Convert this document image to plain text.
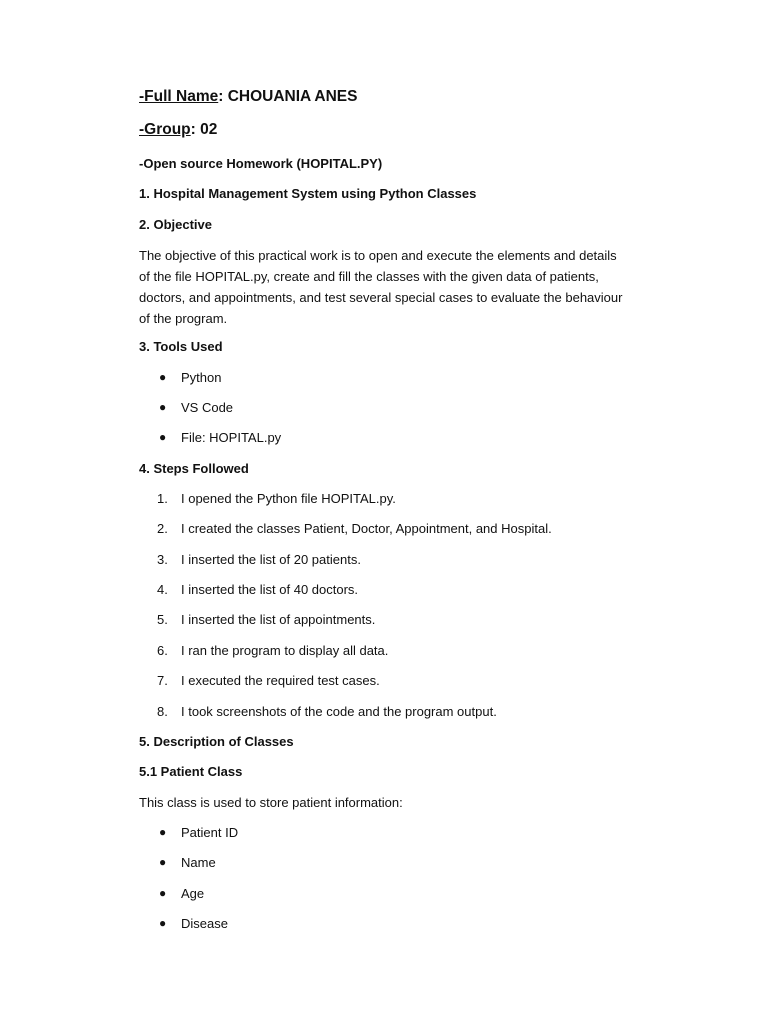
-Full Name: CHOUANIA ANES
-Group: 02
-Open source Homework (HOPITAL.PY)
1. Hospital Management System using Python Classes
2. Objective
The objective of this practical work is to open and execute the elements and details of the file HOPITAL.py, create and fill the classes with the given data of patients, doctors, and appointments, and test several special cases to evaluate the behaviour of the program.
3. Tools Used
● Python
● VS Code
● File: HOPITAL.py
4. Steps Followed
1.	I opened the Python file HOPITAL.py.
2.	I created the classes Patient, Doctor, Appointment, and Hospital.
3.	I inserted the list of 20 patients.
4.	I inserted the list of 40 doctors.
5.	I inserted the list of appointments.
6.	I ran the program to display all data.
7.	I executed the required test cases.
8.	I took screenshots of the code and the program output.
5. Description of Classes
5.1 Patient Class
This class is used to store patient information:
● Patient ID
● Name
● Age
● Disease
